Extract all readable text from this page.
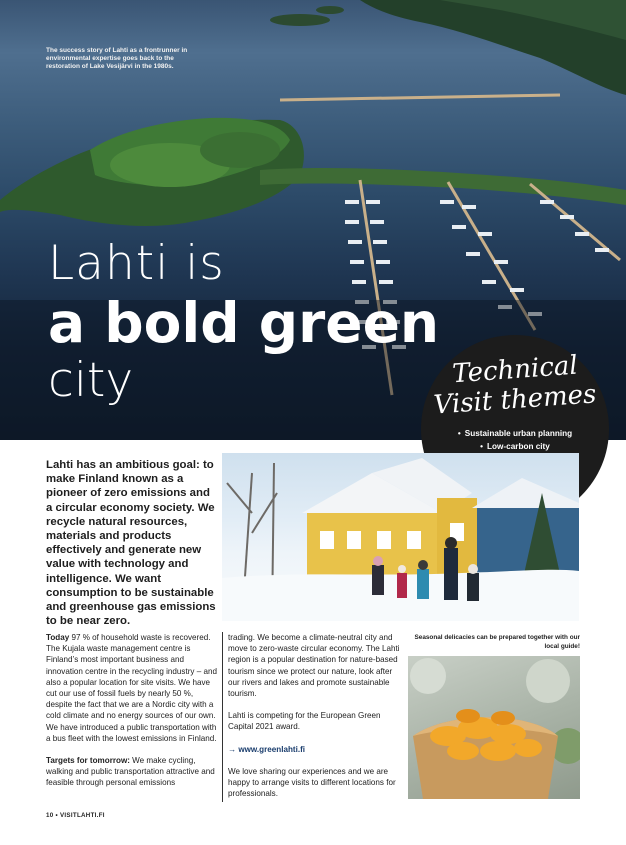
The success story of Lahti as a frontrunner in environmental expertise goes back to the restoration of Lake Vesijärvi in the 1980s.
Lahti is
a bold green
city	Technical
Visit themes
• Sustainable urban planning
• Low-carbon city
•
•
•
Lahti has an ambitious goal: to make Finland known as a pioneer of zero emissions and a circular economy society. We recycle natural resources, materials and products effectively and generate new value with technology and intelligence. We want consumption to be sustainable and greenhouse gas emissions to be near zero.

Today 97 % of household waste is recovered. The Kujala waste management centre is Finland’s most important business and innovation centre in the recycling industry – and also a popular location for site visits. We have cut our use of fossil fuels by nearly 50 %, despite the fact that we are a Nordic city with a cold climate and no energy sources of our own. We have introduced a public transportation with a bus fleet with the lowest emissions in Finland.

Targets for tomorrow: We make cycling, walking and public transportation attractive and feasible through personal emissions

trading. We become a climate-neutral city and move to zero-waste circular economy. The Lahti region is a popular destination for nature-based tourism since we protect our nature, look after our rivers and lakes and promote sustainable tourism.

Lahti is competing for the European Green Capital 2021 award.

→ www.greenlahti.fi

We love sharing our experiences and we are happy to arrange visits to different locations for professionals.

Seasonal delicacies can be prepared together with our local guide!
10 • VISITLAHTI.FI
